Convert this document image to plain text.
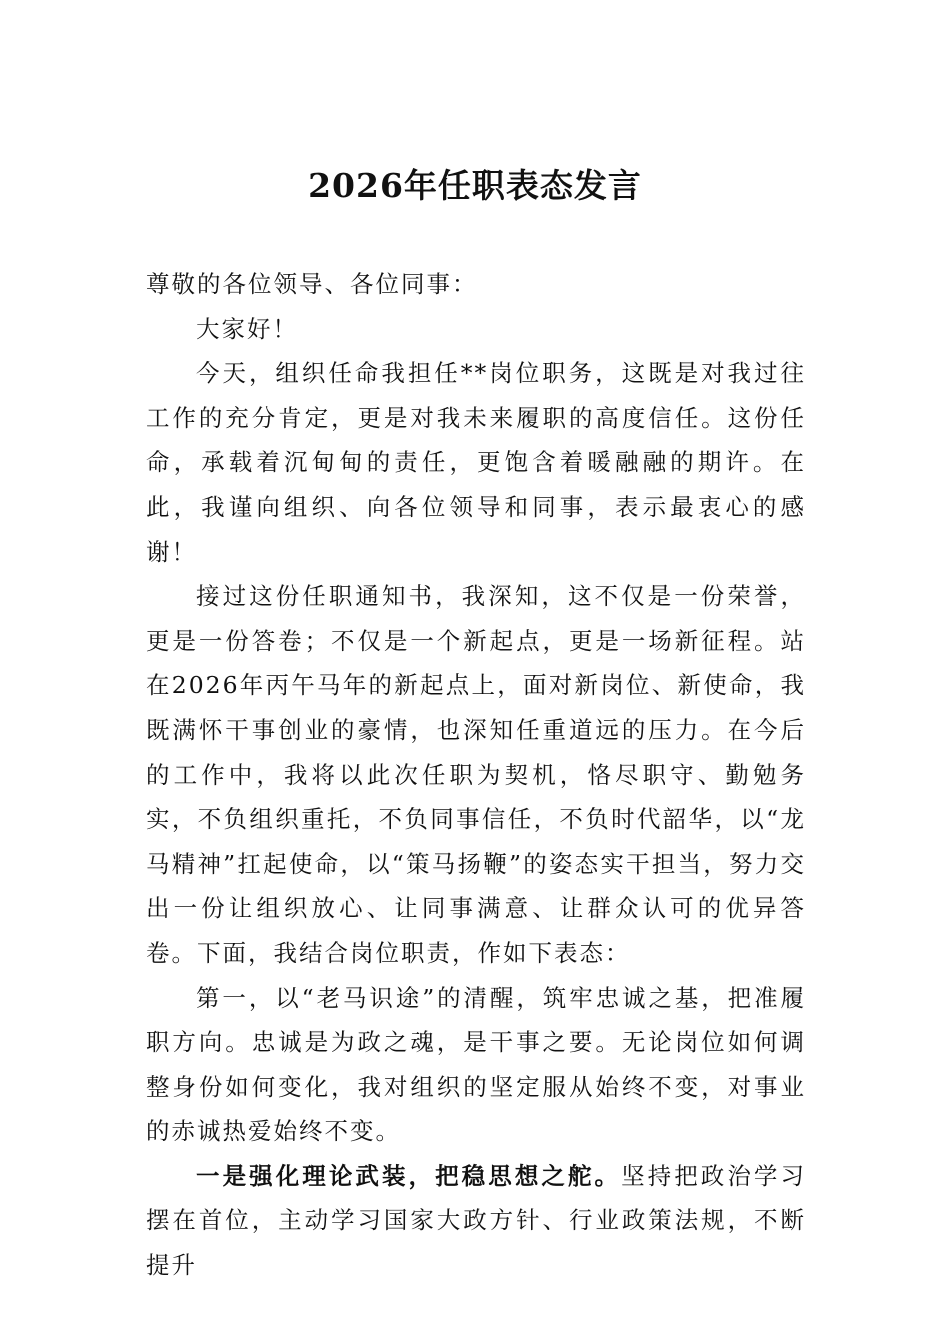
2026年任职表态发言

尊敬的各位领导、各位同事：

大家好！

今天，组织任命我担任**岗位职务，这既是对我过往工作的充分肯定，更是对我未来履职的高度信任。这份任命，承载着沉甸甸的责任，更饱含着暖融融的期许。在此，我谨向组织、向各位领导和同事，表示最衷心的感谢！

接过这份任职通知书，我深知，这不仅是一份荣誉，更是一份答卷；不仅是一个新起点，更是一场新征程。站在2026年丙午马年的新起点上，面对新岗位、新使命，我既满怀干事创业的豪情，也深知任重道远的压力。在今后的工作中，我将以此次任职为契机，恪尽职守、勤勉务实，不负组织重托，不负同事信任，不负时代韶华，以“龙马精神”扛起使命，以“策马扬鞭”的姿态实干担当，努力交出一份让组织放心、让同事满意、让群众认可的优异答卷。下面，我结合岗位职责，作如下表态：

第一，以“老马识途”的清醒，筑牢忠诚之基，把准履职方向。忠诚是为政之魂，是干事之要。无论岗位如何调整身份如何变化，我对组织的坚定服从始终不变，对事业的赤诚热爱始终不变。

一是强化理论武装，把稳思想之舵。坚持把政治学习摆在首位，主动学习国家大政方针、行业政策法规，不断提升
